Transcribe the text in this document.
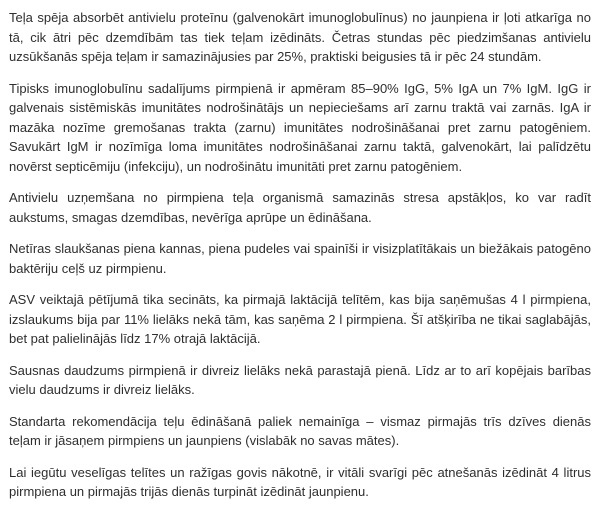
Teļa spēja absorbēt antivielu proteīnu (galvenokārt imunoglobulīnus) no jaunpiena ir ļoti atkarīga no tā, cik ātri pēc dzemdībām tas tiek teļam izēdināts. Četras stundas pēc piedzimšanas antivielu uzsūkšanās spēja teļam ir samazinājusies par 25%, praktiski beigusies tā ir pēc 24 stundām.

Tipisks imunoglobulīnu sadalījums pirmpienā ir apmēram 85–90% IgG, 5% IgA un 7% IgM. IgG ir galvenais sistēmiskās imunitātes nodrošinātājs un nepieciešams arī zarnu traktā vai zarnās. IgA ir mazāka nozīme gremošanas trakta (zarnu) imunitātes nodrošināšanai pret zarnu patogēniem. Savukārt IgM ir nozīmīga loma imunitātes nodrošināšanai zarnu taktā, galvenokārt, lai palīdzētu novērst septicēmiju (infekciju), un nodrošinātu imunitāti pret zarnu patogēniem.

Antivielu uzņemšana no pirmpiena teļa organismā samazinās stresa apstākļos, ko var radīt aukstums, smagas dzemdības, nevērīga aprūpe un ēdināšana.

Netīras slaukšanas piena kannas, piena pudeles vai spainīši ir visizplatītākais un biežākais patogēno baktēriju ceļš uz pirmpienu.

ASV veiktajā pētījumā tika secināts, ka pirmajā laktācijā telītēm, kas bija saņēmušas 4 l pirmpiena, izslaukums bija par 11% lielāks nekā tām, kas saņēma 2 l pirmpiena. Šī atšķirība ne tikai saglabājās, bet pat palielinājās līdz 17% otrajā laktācijā.

Sausnas daudzums pirmpienā ir divreiz lielāks nekā parastajā pienā. Līdz ar to arī kopējais barības vielu daudzums ir divreiz lielāks.

Standarta rekomendācija teļu ēdināšanā paliek nemainīga – vismaz pirmajās trīs dzīves dienās teļam ir jāsaņem pirmpiens un jaunpiens (vislabāk no savas mātes).

Lai iegūtu veselīgas telītes un ražīgas govis nākotnē, ir vitāli svarīgi pēc atnešanās izēdināt 4 litrus pirmpiena un pirmajās trijās dienās turpināt izēdināt jaunpienu.
